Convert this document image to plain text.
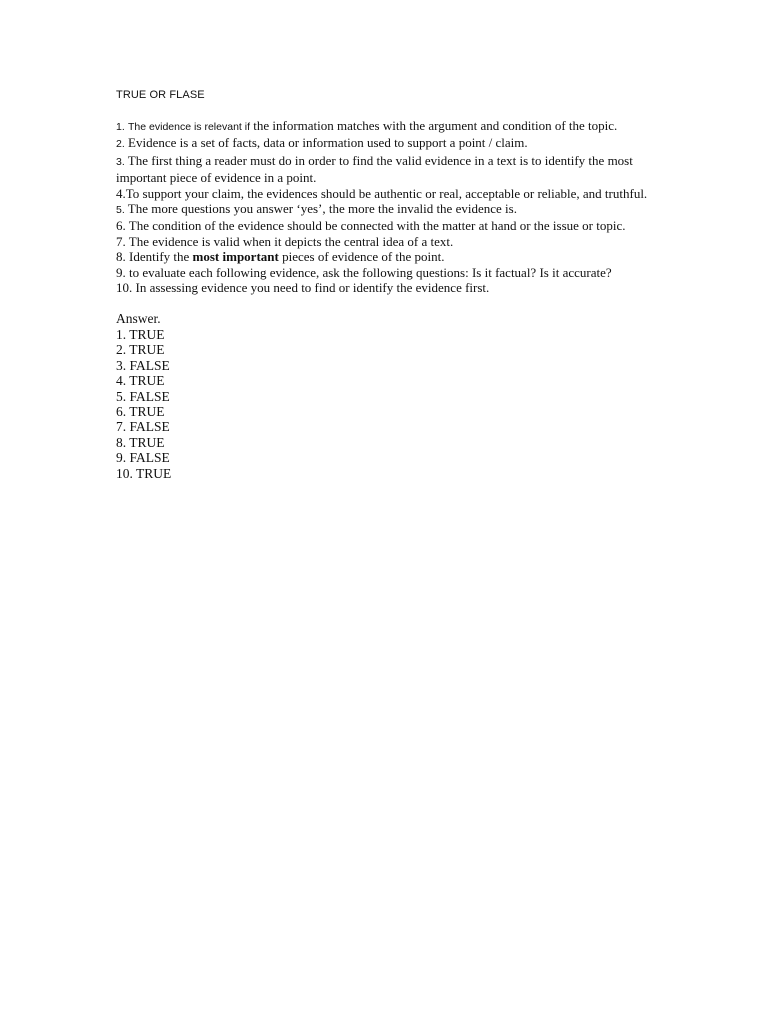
TRUE OR FLASE
1. The evidence is relevant if the information matches with the argument and condition of the topic.
2. Evidence is a set of facts, data or information used to support a point / claim.
3. The first thing a reader must do in order to find the valid evidence in a text is to identify the most important piece of evidence in a point.
4.To support your claim, the evidences should be authentic or real, acceptable or reliable, and truthful.
5. The more questions you answer ‘yes’, the more the invalid the evidence is.
6. The condition of the evidence should be connected with the matter at hand or the issue or topic.
7. The evidence is valid when it depicts the central idea of a text.
8. Identify the most important pieces of evidence of the point.
9. to evaluate each following evidence, ask the following questions: Is it factual? Is it accurate?
10. In assessing evidence you need to find or identify the evidence first.
Answer.
1. TRUE
2. TRUE
3. FALSE
4. TRUE
5. FALSE
6. TRUE
7. FALSE
8. TRUE
9. FALSE
10. TRUE
